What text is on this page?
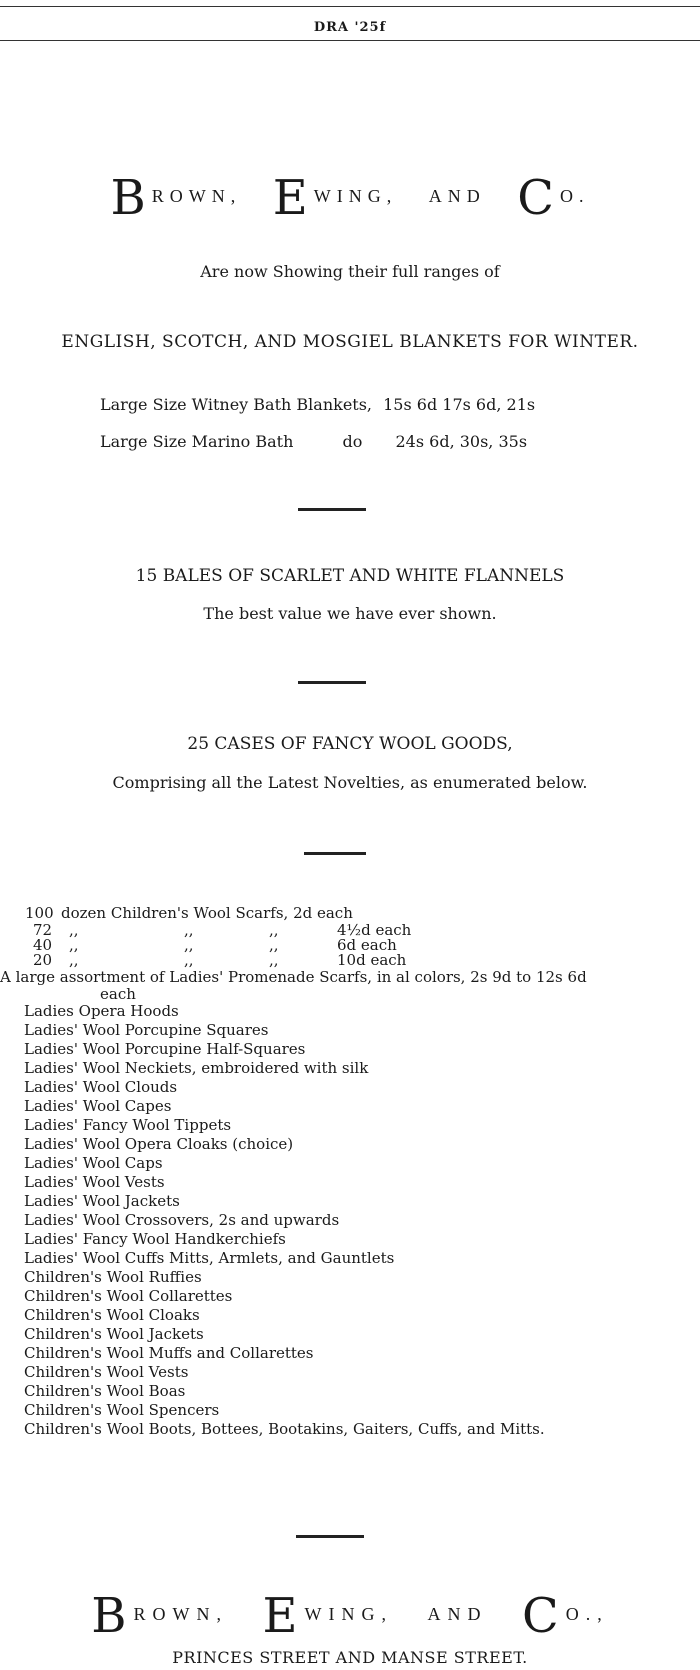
DRA '25f
BROWN, EWING, AND CO.
Are now Showing their full ranges of
ENGLISH, SCOTCH, AND MOSGIEL BLANKETS FOR WINTER.
Large Size Witney Bath Blankets, 15s 6d 17s 6d, 21s
Large Size Marino Bath	do 24s 6d, 30s, 35s
15 BALES OF SCARLET AND WHITE FLANNELS
The best value we have ever shown.
25 CASES OF FANCY WOOL GOODS,
Comprising all the Latest Novelties, as enumerated below.
100 dozen Children's Wool Scarfs, 2d each
72	,,	,,	,,	4½d each
40	,,	,,	,,	6d each
20	,,	,,	,,	10d each
A large assortment of Ladies' Promenade Scarfs, in al colors, 2s 9d to 12s 6d
each
Ladies Opera Hoods
Ladies' Wool Porcupine Squares
Ladies' Wool Porcupine Half-Squares
Ladies' Wool Neckiets, embroidered with silk
Ladies' Wool Clouds
Ladies' Wool Capes
Ladies' Fancy Wool Tippets
Ladies' Wool Opera Cloaks (choice)
Ladies' Wool Caps
Ladies' Wool Vests
Ladies' Wool Jackets
Ladies' Wool Crossovers, 2s and upwards
Ladies' Fancy Wool Handkerchiefs
Ladies' Wool Cuffs Mitts, Armlets, and Gauntlets
Children's Wool Ruffies
Children's Wool Collarettes
Children's Wool Cloaks
Children's Wool Jackets
Children's Wool Muffs and Collarettes
Children's Wool Vests
Children's Wool Boas
Children's Wool Spencers
Children's Wool Boots, Bottees, Bootakins, Gaiters, Cuffs, and Mitts.
BROWN, EWING, AND CO.,
PRINCES STREET AND MANSE STREET.
